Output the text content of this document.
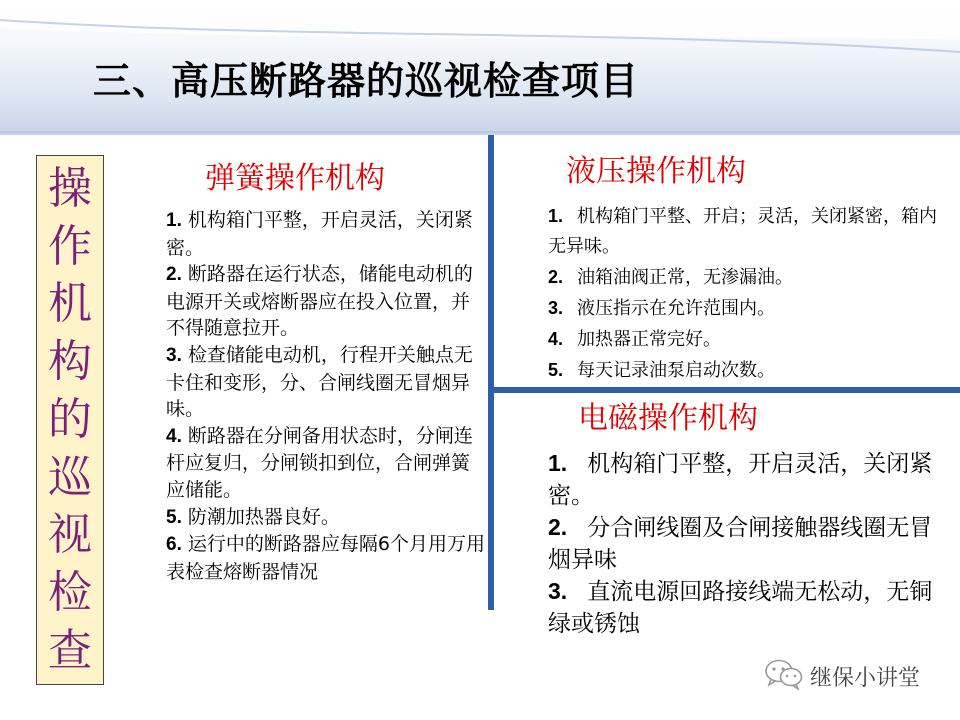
三、高压断路器的巡视检查项目
操
作
机
构
的
巡
视
检
查
弹簧操作机构
1. 机构箱门平整，开启灵活，关闭紧密。
2. 断路器在运行状态，储能电动机的电源开关或熔断器应在投入位置，并不得随意拉开。
3. 检查储能电动机，行程开关触点无卡住和变形，分、合闸线圈无冒烟异味。
4. 断路器在分闸备用状态时，分闸连杆应复归，分闸锁扣到位，合闸弹簧应储能。
5. 防潮加热器良好。
6. 运行中的断路器应每隔6个月用万用表检查熔断器情况
液压操作机构
1. 机构箱门平整、开启；灵活，关闭紧密，箱内无异味。
2. 油箱油阀正常，无渗漏油。
3. 液压指示在允许范围内。
4. 加热器正常完好。
5. 每天记录油泵启动次数。
电磁操作机构
1. 机构箱门平整，开启灵活，关闭紧密。
2. 分合闸线圈及合闸接触器线圈无冒烟异味
3. 直流电源回路接线端无松动，无铜绿或锈蚀
继保小讲堂
